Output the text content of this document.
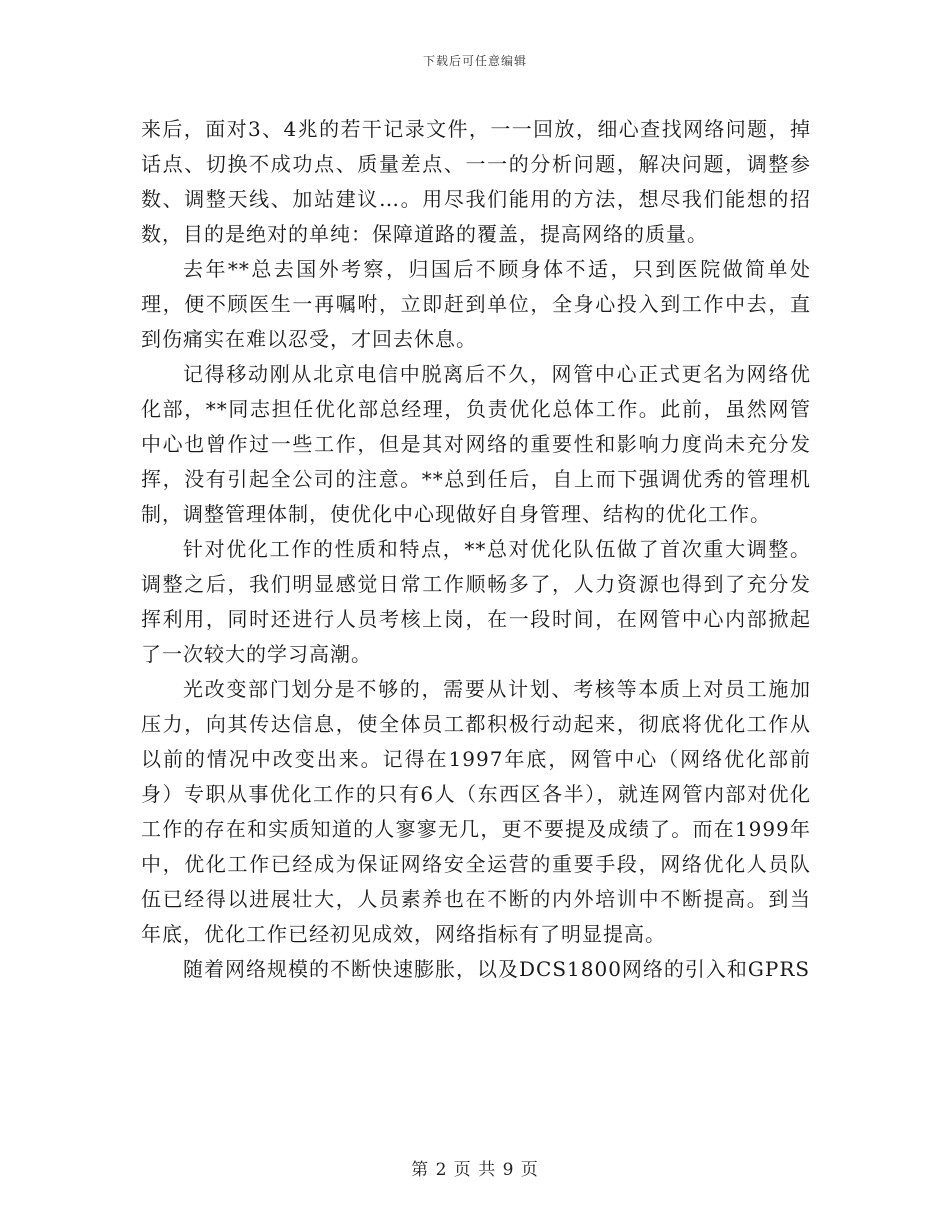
下载后可任意编辑

来后，面对3、4兆的若干记录文件，一一回放，细心查找网络问题，掉话点、切换不成功点、质量差点、一一的分析问题，解决问题，调整参数、调整天线、加站建议…。用尽我们能用的方法，想尽我们能想的招数，目的是绝对的单纯：保障道路的覆盖，提高网络的质量。

去年**总去国外考察，归国后不顾身体不适，只到医院做简单处理，便不顾医生一再嘱咐，立即赶到单位，全身心投入到工作中去，直到伤痛实在难以忍受，才回去休息。

记得移动刚从北京电信中脱离后不久，网管中心正式更名为网络优化部，**同志担任优化部总经理，负责优化总体工作。此前，虽然网管中心也曾作过一些工作，但是其对网络的重要性和影响力度尚未充分发挥，没有引起全公司的注意。**总到任后，自上而下强调优秀的管理机制，调整管理体制，使优化中心现做好自身管理、结构的优化工作。

针对优化工作的性质和特点，**总对优化队伍做了首次重大调整。调整之后，我们明显感觉日常工作顺畅多了，人力资源也得到了充分发挥利用，同时还进行人员考核上岗，在一段时间，在网管中心内部掀起了一次较大的学习高潮。

光改变部门划分是不够的，需要从计划、考核等本质上对员工施加压力，向其传达信息，使全体员工都积极行动起来，彻底将优化工作从以前的情况中改变出来。记得在1997年底，网管中心（网络优化部前身）专职从事优化工作的只有6人（东西区各半），就连网管内部对优化工作的存在和实质知道的人寥寥无几，更不要提及成绩了。而在1999年中，优化工作已经成为保证网络安全运营的重要手段，网络优化人员队伍已经得以进展壮大，人员素养也在不断的内外培训中不断提高。到当年底，优化工作已经初见成效，网络指标有了明显提高。

随着网络规模的不断快速膨胀，以及DCS1800网络的引入和GPRS

第 2 页 共 9 页
